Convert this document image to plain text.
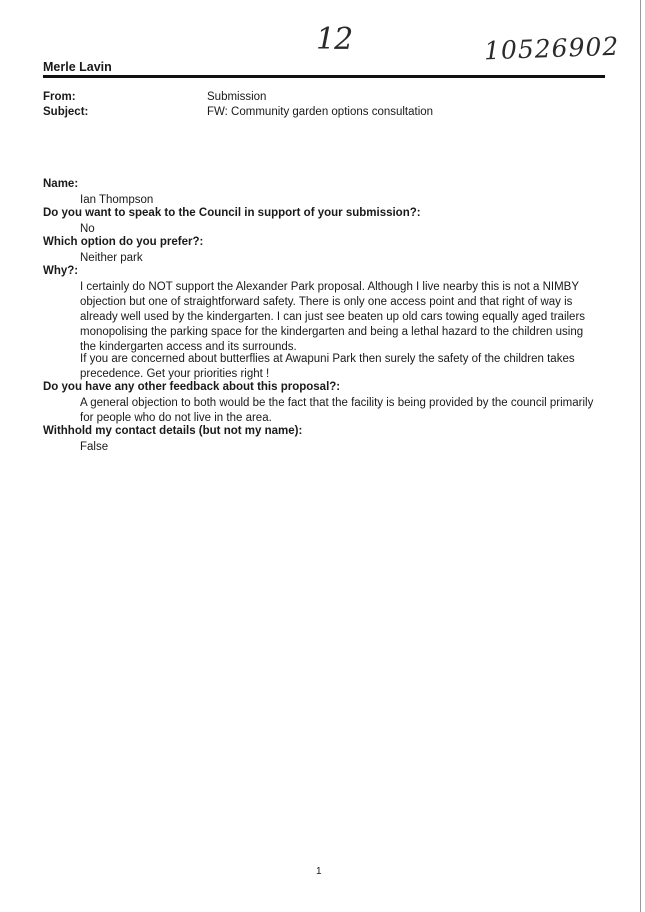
12	10526902
Merle Lavin
From:	Submission
Subject:	FW: Community garden options consultation
Name:
Ian Thompson
Do you want to speak to the Council in support of your submission?:
No
Which option do you prefer?:
Neither park
Why?:
I certainly do NOT support the Alexander Park proposal. Although I live nearby this is not a NIMBY objection but one of straightforward safety. There is only one access point and that right of way is already well used by the kindergarten. I can just see beaten up old cars towing equally aged trailers monopolising the parking space for the kindergarten and being a lethal hazard to the children using the kindergarten access and its surrounds.
If you are concerned about butterflies at Awapuni Park then surely the safety of the children takes precedence. Get your priorities right !
Do you have any other feedback about this proposal?:
A general objection to both would be the fact that the facility is being provided by the council primarily for people who do not live in the area.
Withhold my contact details (but not my name):
False
1
